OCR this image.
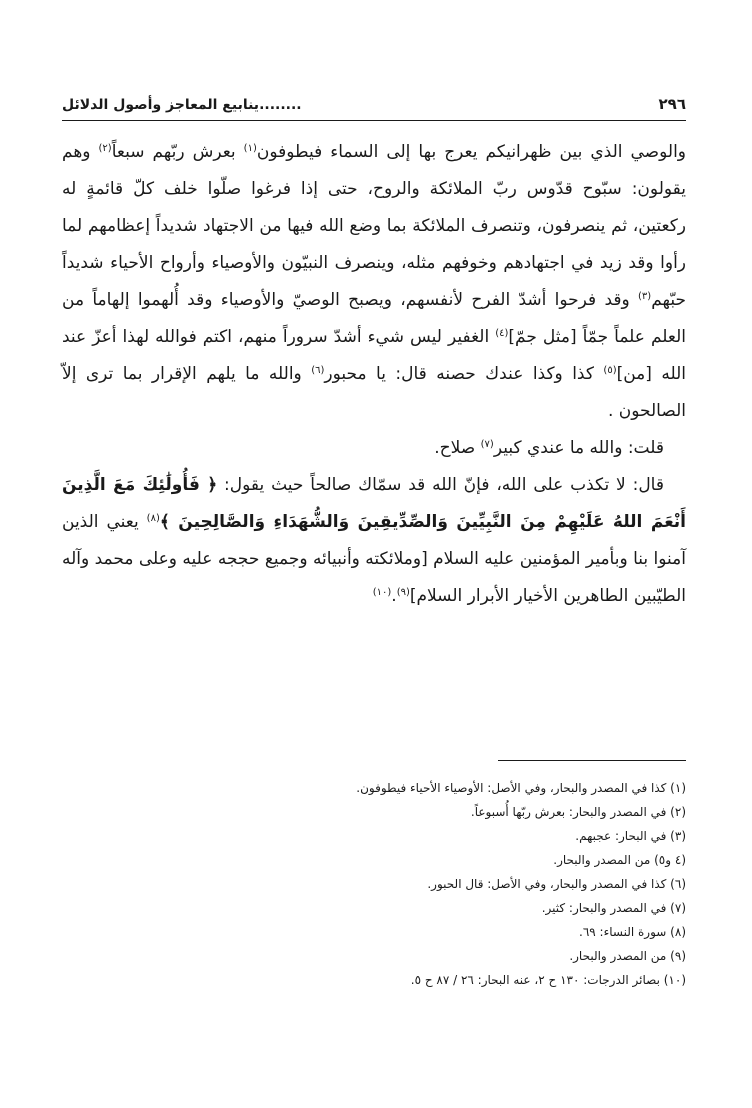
٢٩٦
........ينابيع المعاجز وأصول الدلائل

والوصي الذي بين ظهرانيكم يعرج بها إلى السماء فيطوفون$^{(١)}$ بعرش ربّهم سبعاً$^{(٢)}$ وهم يقولون: سبّوح قدّوس ربّ الملائكة والروح، حتى إذا فرغوا صلّوا خلف كلّ قائمةٍ له ركعتين، ثم ينصرفون، وتنصرف الملائكة بما وضع الله فيها من الاجتهاد شديداً إعظامهم لما رأوا وقد زيد في اجتهادهم وخوفهم مثله، وينصرف النبيّون والأوصياء وأرواح الأحياء شديداً حبّهم$^{(٣)}$ وقد فرحوا أشدّ الفرح لأنفسهم، ويصبح الوصيّ والأوصياء وقد أُلهموا إلهاماً من العلم علماً جمّاً [مثل جمّ]$^{(٤)}$ الغفير ليس شيء أشدّ سروراً منهم، اكتم فوالله لهذا أعزّ عند الله [من]$^{(٥)}$ كذا وكذا عندك حصنه قال: يا محبور$^{(٦)}$ والله ما يلهم الإقرار بما ترى إلاّ الصالحون .

قلت: والله ما عندي كبير$^{(٧)}$ صلاح.

قال: لا تكذب على الله، فإنّ الله قد سمّاك صالحاً حيث يقول: ﴿ فَأُولَٰئِكَ مَعَ الَّذِينَ أَنْعَمَ اللهُ عَلَيْهِمْ مِنَ النَّبِيِّينَ وَالصِّدِّيقِينَ وَالشُّهَدَاءِ وَالصَّالِحِينَ ﴾$^{(٨)}$ يعني الذين آمنوا بنا وبأمير المؤمنين عليه السلام [وملائكته وأنبيائه وجميع حججه عليه وعلى محمد وآله الطيّبين الطاهرين الأخيار الأبرار السلام]$^{(٩)}$.$^{(١٠)}$

(١) كذا في المصدر والبحار، وفي الأصل: الأوصياء الأحياء فيطوفون.
(٢) في المصدر والبحار: بعرش ربّها أُسبوعاً.
(٣) في البحار: عجبهم.
(٤ و٥) من المصدر والبحار.
(٦) كذا في المصدر والبحار، وفي الأصل: قال الحبور.
(٧) في المصدر والبحار: كثير.
(٨) سورة النساء: ٦٩.
(٩) من المصدر والبحار.
(١٠) بصائر الدرجات: ١٣٠ ح ٢، عنه البحار: ٢٦ / ٨٧ ح ٥.
